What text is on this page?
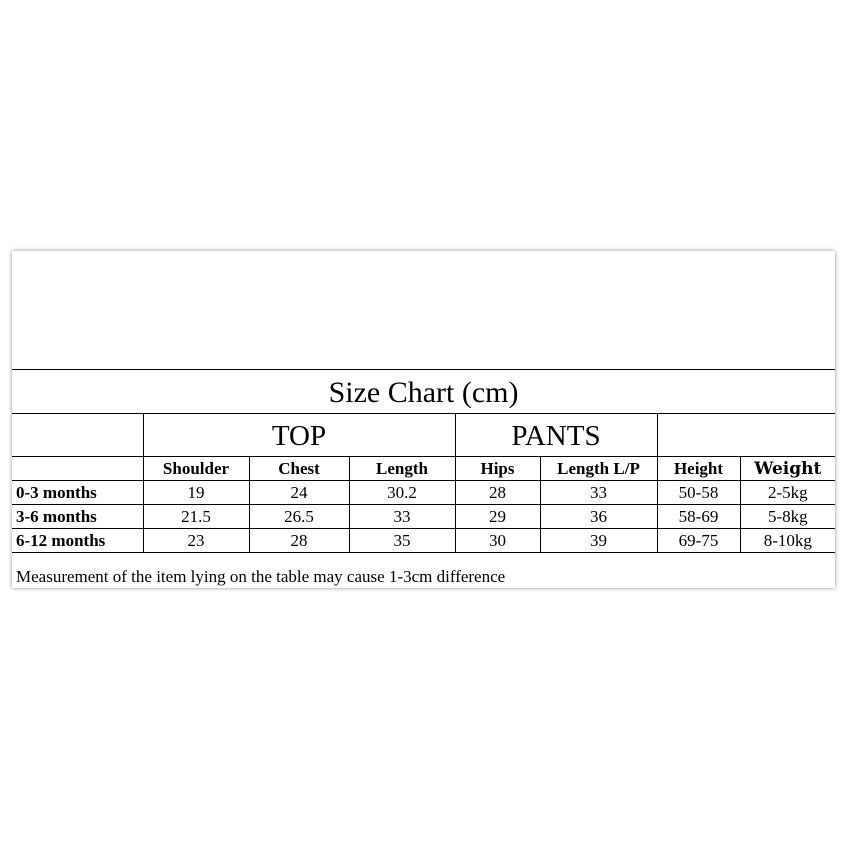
Size Chart (cm)							
	TOP			PANTS			
	Shoulder	Chest	Length	Hips	Length L/P	Height	Weight
0-3 months	19	24	30.2	28	33	50-58	2-5kg
3-6 months	21.5	26.5	33	29	36	58-69	5-8kg
6-12 months	23	28	35	30	39	69-75	8-10kg
Measurement of the item lying on the table may cause 1-3cm difference
